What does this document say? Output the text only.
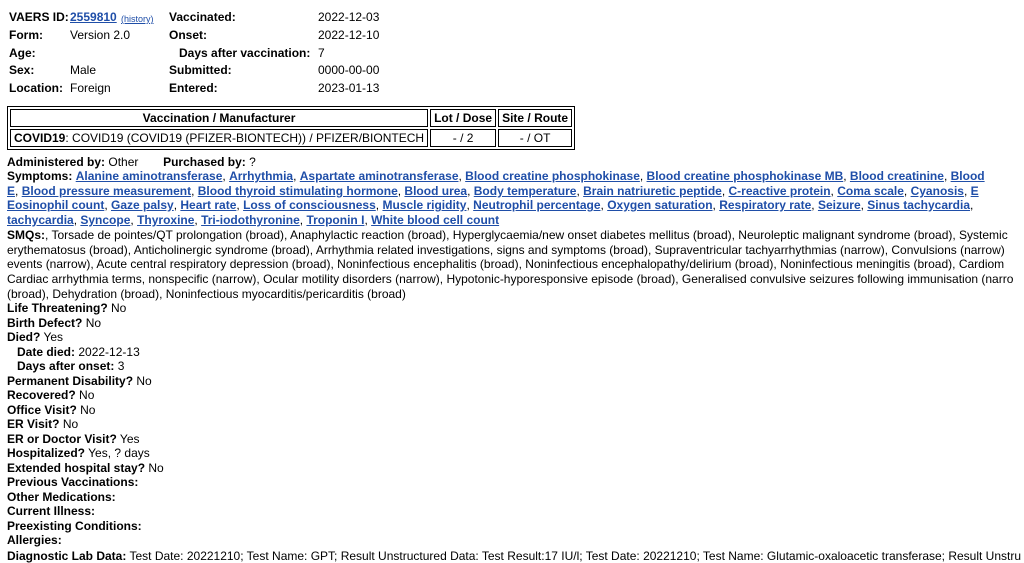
VAERS ID: 2559810 (history)
Form: Version 2.0
Age:
Sex:	Male
Location: Foreign
Vaccinated:	2022-12-03
Onset:	2022-12-10
Days after vaccination: 7
Submitted:	0000-00-00
Entered:	2023-01-13
Vaccination / Manufacturer	Lot / Dose	Site / Route
COVID19: COVID19 (COVID19 (PFIZER-BIONTECH)) / PFIZER/BIONTECH	- / 2	- / OT
Administered by: Other Purchased by: ?
Symptoms: Alanine aminotransferase, Arrhythmia, Aspartate aminotransferase, Blood creatine phosphokinase, Blood creatine phosphokinase MB, Blood creatinine, Blood
E, Blood pressure measurement, Blood thyroid stimulating hormone, Blood urea, Body temperature, Brain natriuretic peptide, C-reactive protein, Coma scale, Cyanosis, E
Eosinophil count, Gaze palsy, Heart rate, Loss of consciousness, Muscle rigidity, Neutrophil percentage, Oxygen saturation, Respiratory rate, Seizure, Sinus tachycardia,
tachycardia, Syncope, Thyroxine, Tri-iodothyronine, Troponin I, White blood cell count
SMQs:, Torsade de pointes/QT prolongation (broad), Anaphylactic reaction (broad), Hyperglycaemia/new onset diabetes mellitus (broad), Neuroleptic malignant syndrome (broad), Systemic
erythematosus (broad), Anticholinergic syndrome (broad), Arrhythmia related investigations, signs and symptoms (broad), Supraventricular tachyarrhythmias (narrow), Convulsions (narrow)
events (narrow), Acute central respiratory depression (broad), Noninfectious encephalitis (broad), Noninfectious encephalopathy/delirium (broad), Noninfectious meningitis (broad), Cardiom
Cardiac arrhythmia terms, nonspecific (narrow), Ocular motility disorders (narrow), Hypotonic-hyporesponsive episode (broad), Generalised convulsive seizures following immunisation (narro
(broad), Dehydration (broad), Noninfectious myocarditis/pericarditis (broad)
Life Threatening? No
Birth Defect? No
Died? Yes
Date died: 2022-12-13
Days after onset: 3
Permanent Disability? No
Recovered? No
Office Visit? No
ER Visit? No
ER or Doctor Visit? Yes
Hospitalized? Yes, ? days
Extended hospital stay? No
Previous Vaccinations:
Other Medications:
Current Illness:
Preexisting Conditions:
Allergies:
Diagnostic Lab Data: Test Date: 20221210; Test Name: GPT; Result Unstructured Data: Test Result:17 IU/l; Test Date: 20221210; Test Name: Glutamic-oxaloacetic transferase; Result Unstru
